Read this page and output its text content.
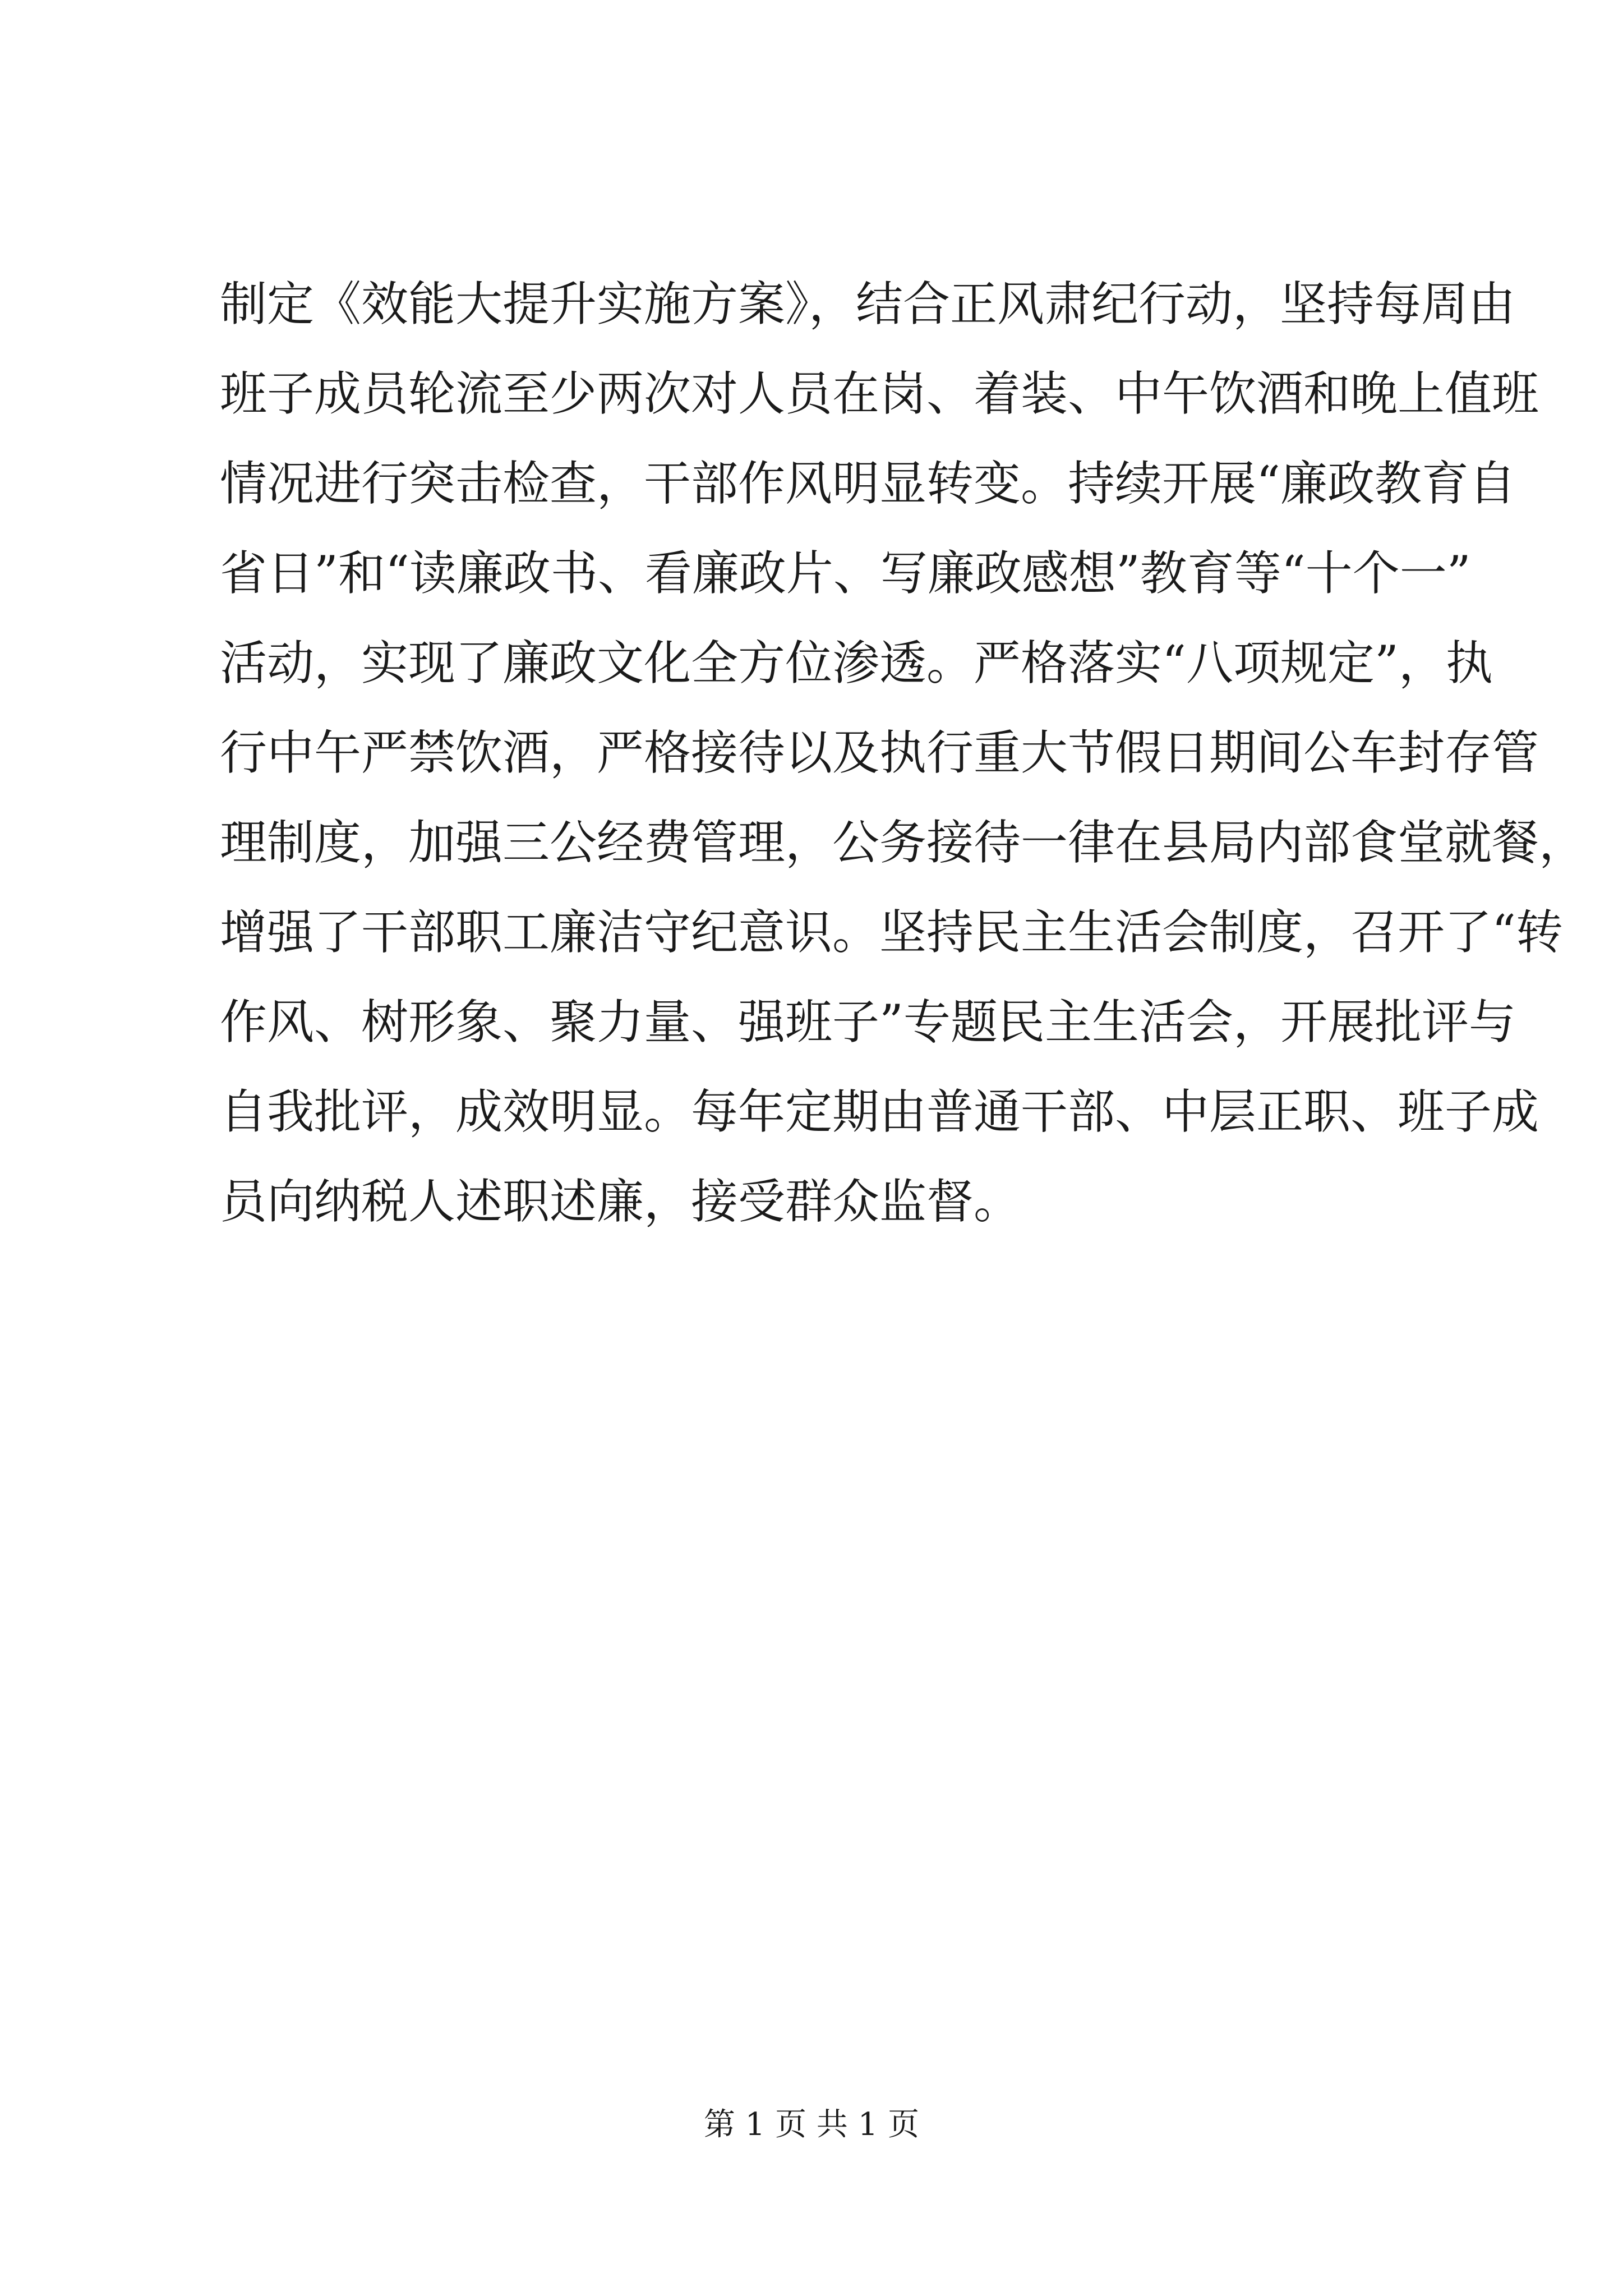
制定《效能大提升实施方案》，结合正风肃纪行动，坚持每周由
班子成员轮流至少两次对人员在岗、着装、中午饮酒和晚上值班
情况进行突击检查，干部作风明显转变。持续开展“廉政教育自
省日”和“读廉政书、看廉政片、写廉政感想”教育等“十个一”
活动，实现了廉政文化全方位渗透。严格落实“八项规定”，执
行中午严禁饮酒，严格接待以及执行重大节假日期间公车封存管
理制度，加强三公经费管理，公务接待一律在县局内部食堂就餐，
增强了干部职工廉洁守纪意识。坚持民主生活会制度，召开了“转
作风、树形象、聚力量、强班子”专题民主生活会，开展批评与
自我批评，成效明显。每年定期由普通干部、中层正职、班子成
员向纳税人述职述廉，接受群众监督。
第 1 页 共 1 页
